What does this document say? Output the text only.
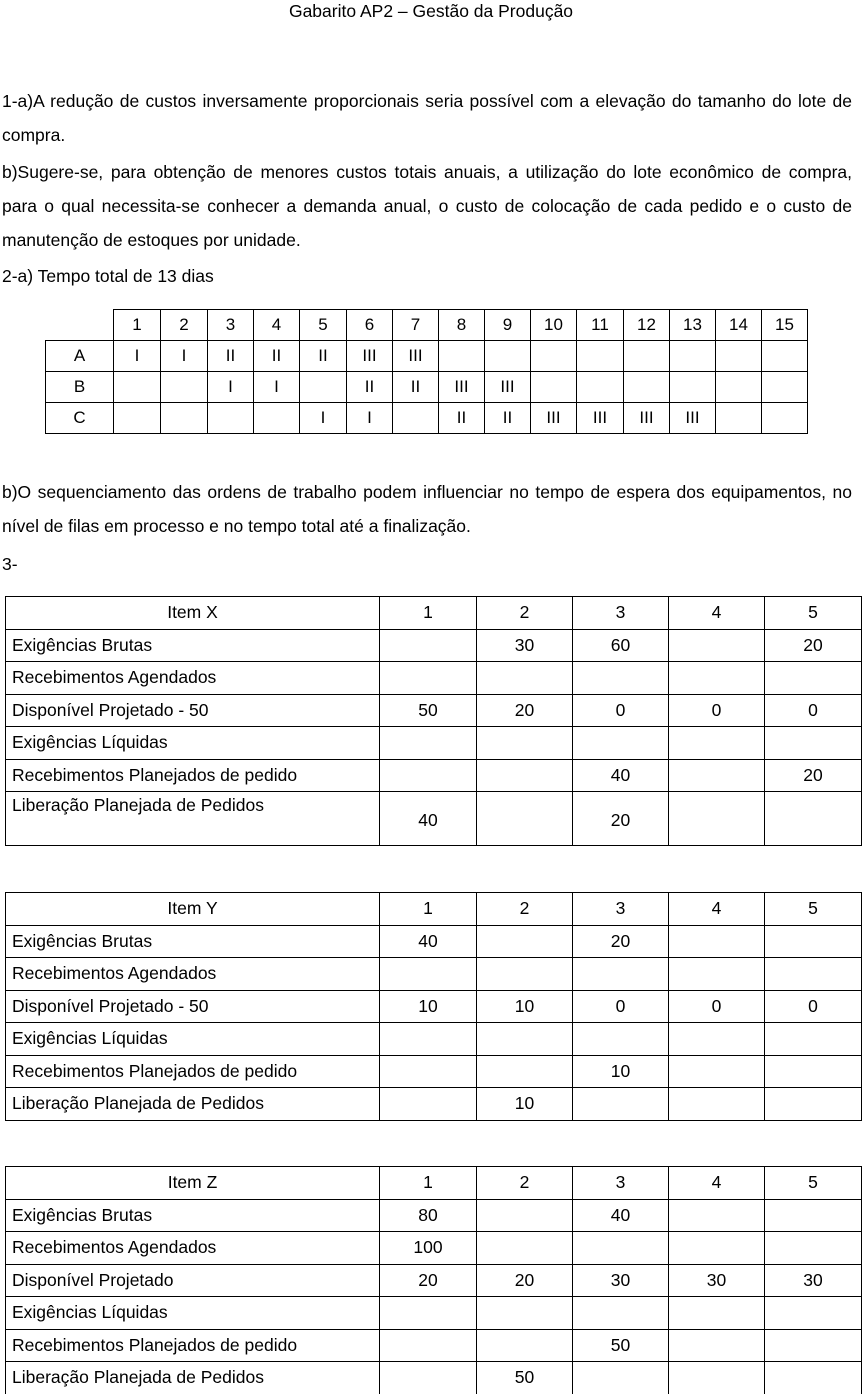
Gabarito AP2 – Gestão da Produção
1-a)A redução de custos inversamente proporcionais seria possível com a elevação do tamanho do lote de compra.
b)Sugere-se, para obtenção de menores custos totais anuais, a utilização do lote econômico de compra, para o qual necessita-se conhecer a demanda anual, o custo de colocação de cada pedido e o custo de manutenção de estoques por unidade.
2-a) Tempo total de 13 dias
	1	2	3	4	5	6	7	8	9	10	11	12	13	14	15
A	I	I	II	II	II	III	III								
B			I	I		II	II	III	III						
C					I	I		II	II	III	III	III	III		
b)O sequenciamento das ordens de trabalho podem influenciar no tempo de espera dos equipamentos, no nível de filas em processo e no tempo total até a finalização.
3-
Item X	1	2	3	4	5
Exigências Brutas		30	60		20
Recebimentos Agendados					
Disponível Projetado - 50	50	20	0	0	0
Exigências Líquidas					
Recebimentos Planejados de pedido			40		20
Liberação Planejada de Pedidos	40		20		
Item Y	1	2	3	4	5
Exigências Brutas	40		20		
Recebimentos Agendados					
Disponível Projetado - 50	10	10	0	0	0
Exigências Líquidas					
Recebimentos Planejados de pedido			10		
Liberação Planejada de Pedidos		10			
Item Z	1	2	3	4	5
Exigências Brutas	80		40		
Recebimentos Agendados	100				
Disponível Projetado	20	20	30	30	30
Exigências Líquidas					
Recebimentos Planejados de pedido			50		
Liberação Planejada de Pedidos		50			
